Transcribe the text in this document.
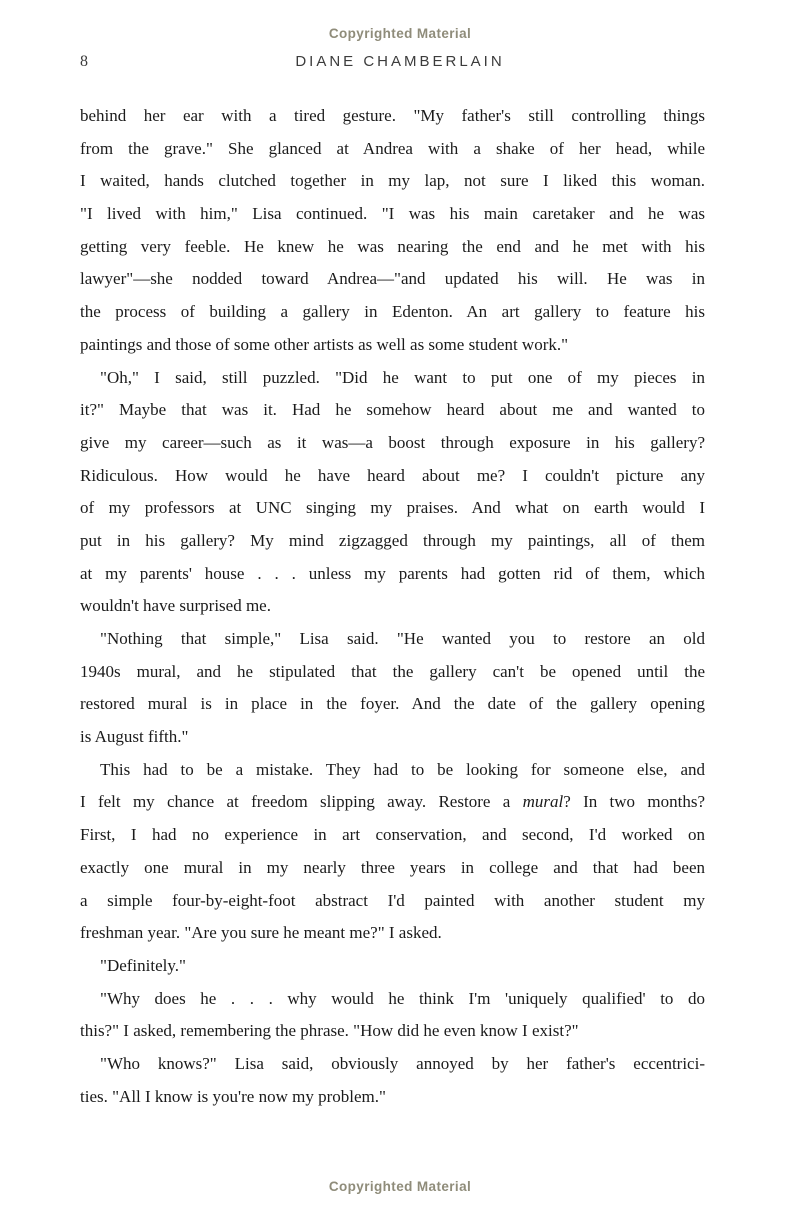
Copyrighted Material
8	DIANE CHAMBERLAIN
behind her ear with a tired gesture. "My father's still controlling things
from the grave." She glanced at Andrea with a shake of her head, while
I waited, hands clutched together in my lap, not sure I liked this woman.
"I lived with him," Lisa continued. "I was his main caretaker and he was
getting very feeble. He knew he was nearing the end and he met with his
lawyer"—she nodded toward Andrea—"and updated his will. He was in
the process of building a gallery in Edenton. An art gallery to feature his
paintings and those of some other artists as well as some student work."
"Oh," I said, still puzzled. "Did he want to put one of my pieces in
it?" Maybe that was it. Had he somehow heard about me and wanted to
give my career—such as it was—a boost through exposure in his gallery?
Ridiculous. How would he have heard about me? I couldn't picture any
of my professors at UNC singing my praises. And what on earth would I
put in his gallery? My mind zigzagged through my paintings, all of them
at my parents' house . . . unless my parents had gotten rid of them, which
wouldn't have surprised me.
"Nothing that simple," Lisa said. "He wanted you to restore an old
1940s mural, and he stipulated that the gallery can't be opened until the
restored mural is in place in the foyer. And the date of the gallery opening
is August fifth."
This had to be a mistake. They had to be looking for someone else, and
I felt my chance at freedom slipping away. Restore a mural? In two months?
First, I had no experience in art conservation, and second, I'd worked on
exactly one mural in my nearly three years in college and that had been
a simple four-by-eight-foot abstract I'd painted with another student my
freshman year. "Are you sure he meant me?" I asked.
"Definitely."
"Why does he . . . why would he think I'm 'uniquely qualified' to do
this?" I asked, remembering the phrase. "How did he even know I exist?"
"Who knows?" Lisa said, obviously annoyed by her father's eccentrici-
ties. "All I know is you're now my problem."
Copyrighted Material
